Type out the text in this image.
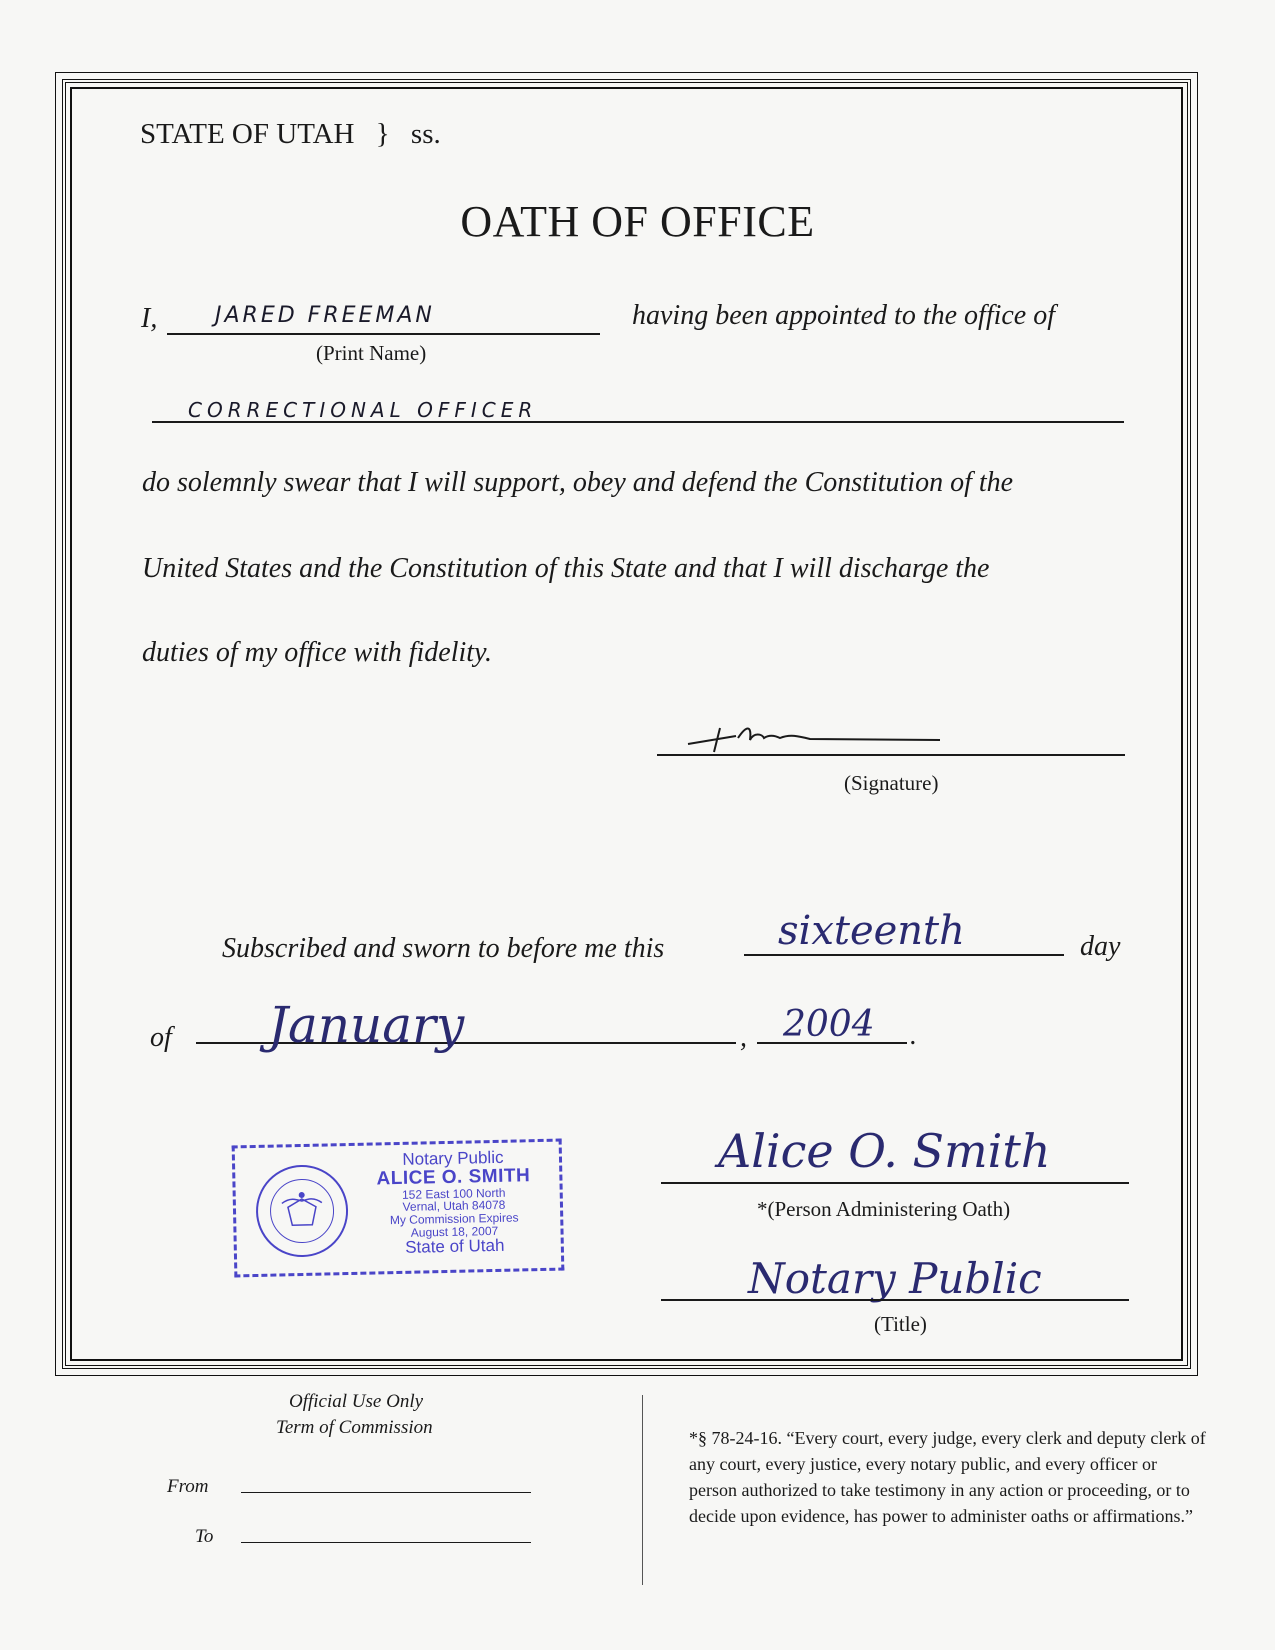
STATE OF UTAH } ss.
OATH OF OFFICE
I,	JARED FREEMAN
(Print Name)
having been appointed to the office of
CORRECTIONAL OFFICER
do solemnly swear that I will support, obey and defend the Constitution of the
United States and the Constitution of this State and that I will discharge the
duties of my office with fidelity.
(Signature)
Subscribed and sworn to before me this	sixteenth	day
of January	, 2004 .
Notary Public
ALICE O. SMITH
152 East 100 North
Vernal, Utah 84078
My Commission Expires
August 18, 2007
State of Utah
Alice O. Smith
*(Person Administering Oath)
Notary Public
(Title)
Official Use Only
Term of Commission
From
To
*§ 78-24-16. “Every court, every judge, every clerk and deputy clerk of any court, every justice, every notary public, and every officer or person authorized to take testimony in any action or proceeding, or to decide upon evidence, has power to administer oaths or affirmations.”
